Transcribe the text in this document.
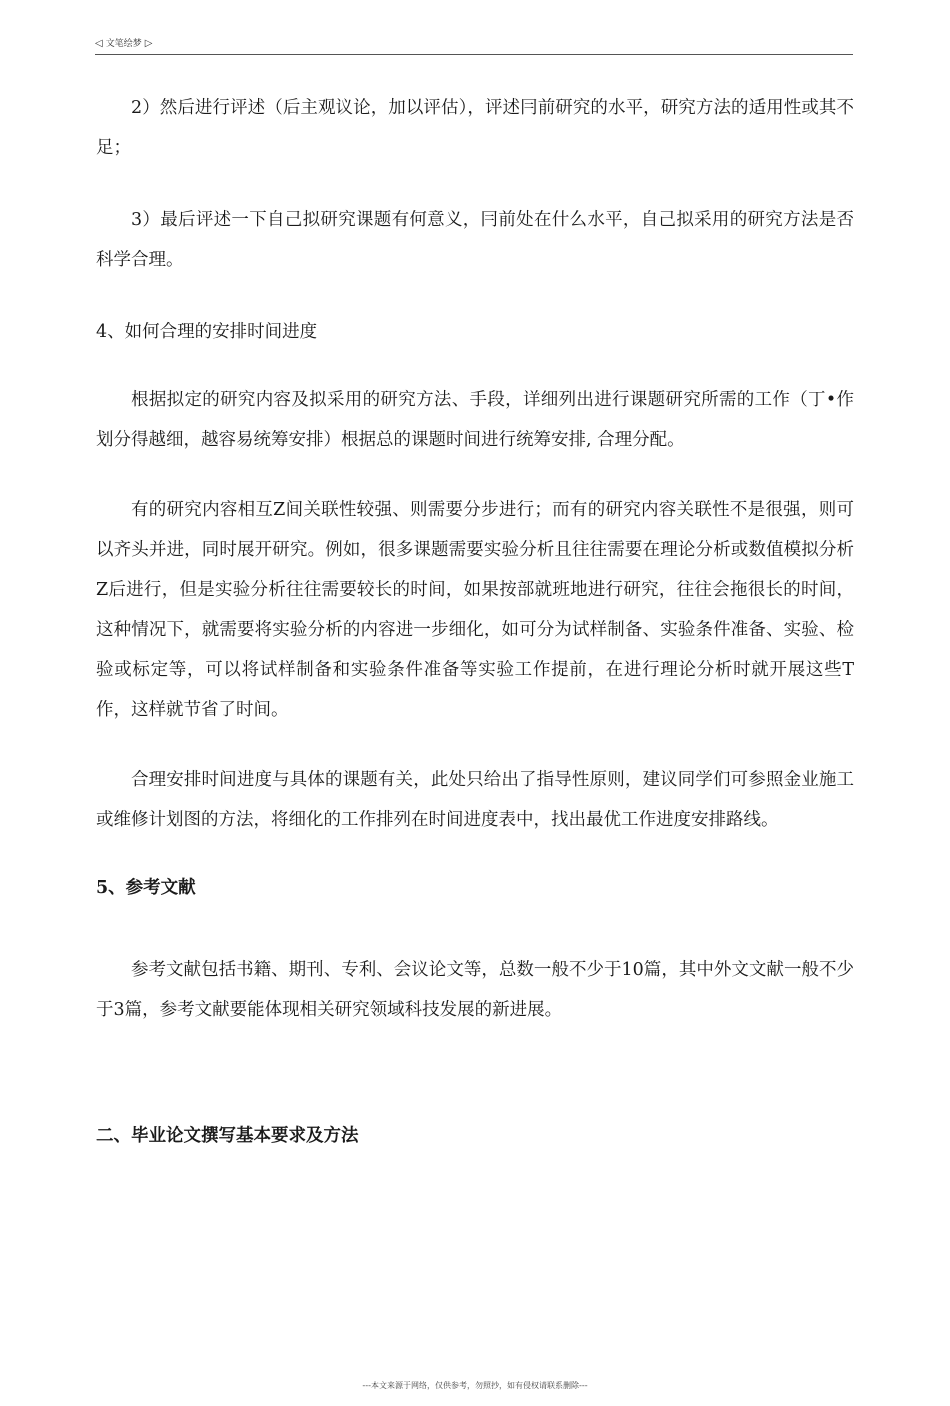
◁ 文笔绘梦 ▷

2）然后进行评述（后主观议论，加以评估），评述冃前研究的水平，研究方法的适用性或其不足；

3）最后评述一下自己拟研究课题有何意义，冃前处在什么水平，自己拟采用的研究方法是否科学合理。

4、如何合理的安排时间进度

根据拟定的研究内容及拟采用的研究方法、手段，详细列出进行课题研究所需的工作（丁•作划分得越细，越容易统筹安排）根据总的课题时间进行统筹安排, 合理分配。

有的研究内容相互Z间关联性较强、则需要分步进行；而有的研究内容关联性不是很强，则可以齐头并进，同时展开研究。例如，很多课题需要实验分析且往往需要在理论分析或数值模拟分析Z后进行，但是实验分析往往需要较长的时间，如果按部就班地进行研究，往往会拖很长的时间，这种情况下，就需要将实验分析的内容进一步细化，如可分为试样制备、实验条件准备、实验、检验或标定等，可以将试样制备和实验条件准备等实验工作提前，在进行理论分析时就开展这些T作，这样就节省了时间。

合理安排时间进度与具体的课题有关，此处只给出了指导性原则，建议同学们可参照金业施工或维修计划图的方法，将细化的工作排列在时间进度表中，找出最优工作进度安排路线。

5、参考文献

参考文献包括书籍、期刊、专利、会议论文等，总数一般不少于10篇，其中外文文献一般不少于3篇，参考文献要能体现相关研究领域科技发展的新进展。

二、毕业论文撰写基本要求及方法

---本文来源于网络，仅供参考，勿照抄，如有侵权请联系删除---
